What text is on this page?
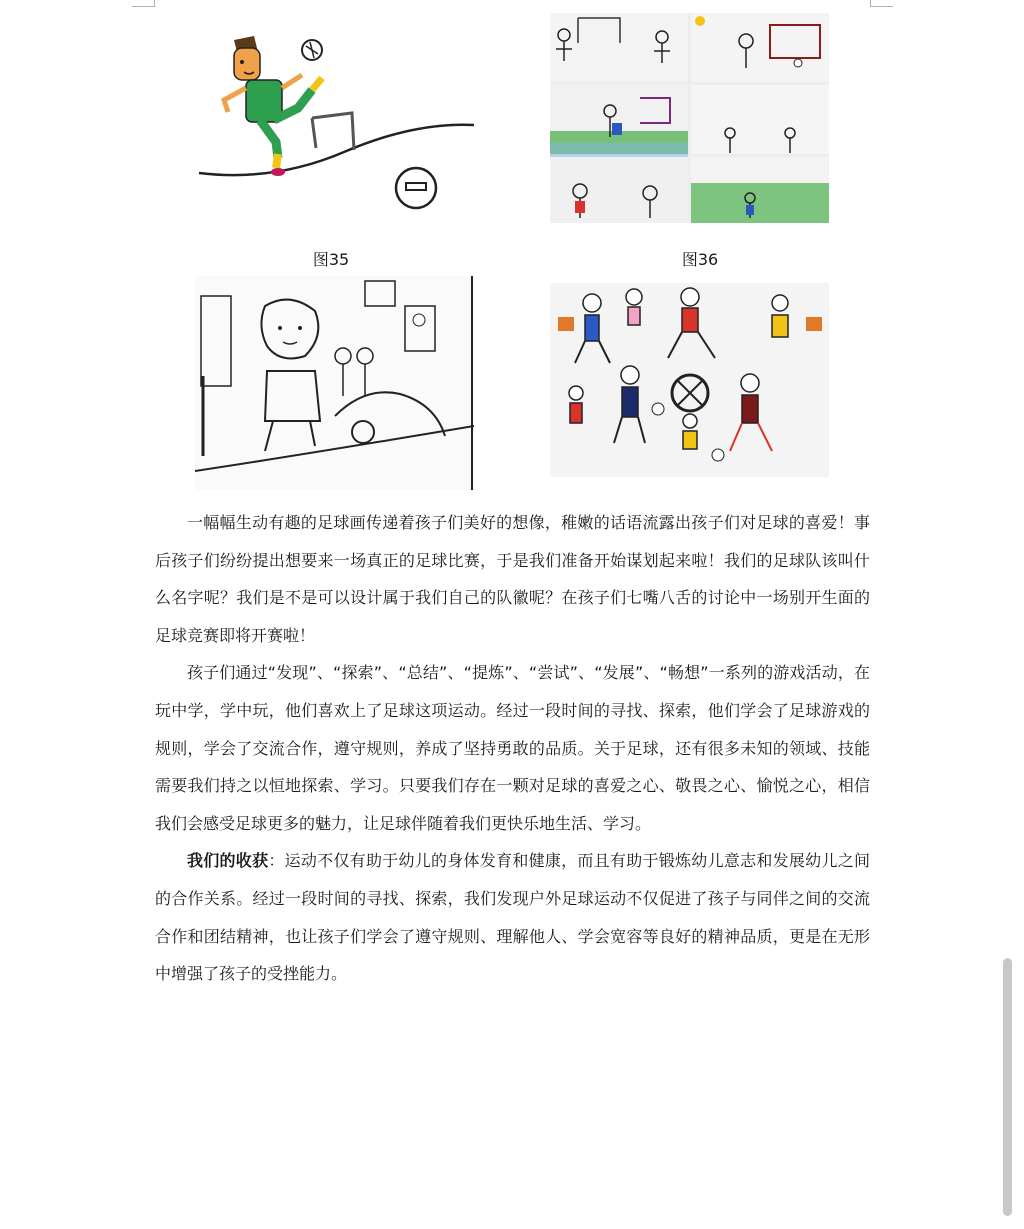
图35	图36

一幅幅生动有趣的足球画传递着孩子们美好的想像，稚嫩的话语流露出孩子们对足球的喜爱！事后孩子们纷纷提出想要来一场真正的足球比赛，于是我们准备开始谋划起来啦！我们的足球队该叫什么名字呢？我们是不是可以设计属于我们自己的队徽呢？在孩子们七嘴八舌的讨论中一场别开生面的足球竞赛即将开赛啦！

孩子们通过“发现”、“探索”、“总结”、“提炼”、“尝试”、“发展”、“畅想”一系列的游戏活动，在玩中学，学中玩，他们喜欢上了足球这项运动。经过一段时间的寻找、探索，他们学会了足球游戏的规则，学会了交流合作，遵守规则，养成了坚持勇敢的品质。关于足球，还有很多未知的领域、技能需要我们持之以恒地探索、学习。只要我们存在一颗对足球的喜爱之心、敬畏之心、愉悦之心，相信我们会感受足球更多的魅力，让足球伴随着我们更快乐地生活、学习。

我们的收获：运动不仅有助于幼儿的身体发育和健康，而且有助于锻炼幼儿意志和发展幼儿之间的合作关系。经过一段时间的寻找、探索，我们发现户外足球运动不仅促进了孩子与同伴之间的交流合作和团结精神，也让孩子们学会了遵守规则、理解他人、学会宽容等良好的精神品质，更是在无形中增强了孩子的受挫能力。
